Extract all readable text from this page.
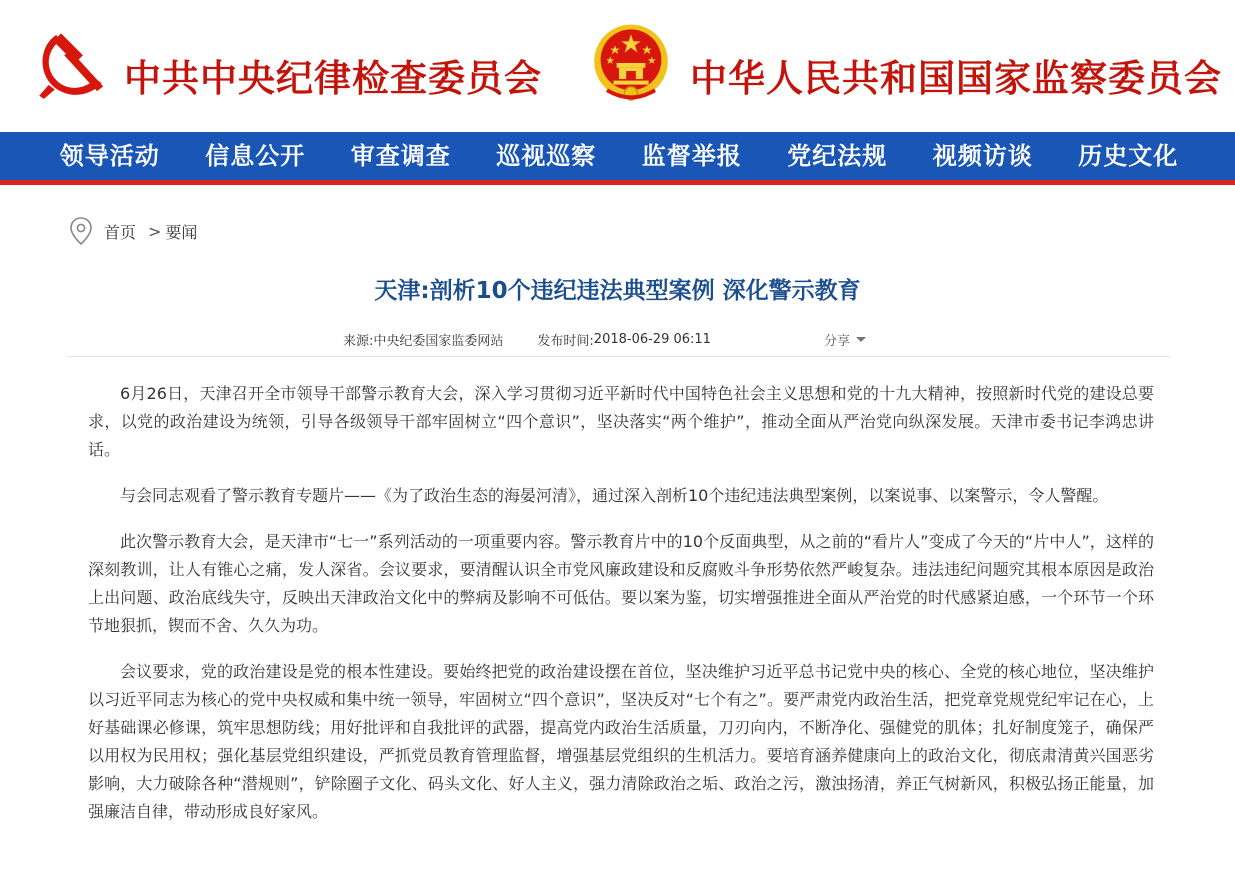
中共中央纪律检查委员会	中华人民共和国国家监察委员会
领导活动	信息公开	审查调查	巡视巡察	监督举报	党纪法规	视频访谈	历史文化
首页 > 要闻
天津:剖析10个违纪违法典型案例 深化警示教育
来源: 中央纪委国家监委网站	发布时间: 2018-06-29 06:11	分享

6月26日，天津召开全市领导干部警示教育大会，深入学习贯彻习近平新时代中国特色社会主义思想和党的十九大精神，按照新时代党的建设总要求，以党的政治建设为统领，引导各级领导干部牢固树立“四个意识”，坚决落实“两个维护”，推动全面从严治党向纵深发展。天津市委书记李鸿忠讲话。

与会同志观看了警示教育专题片——《为了政治生态的海晏河清》，通过深入剖析10个违纪违法典型案例，以案说事、以案警示，令人警醒。

此次警示教育大会，是天津市“七一”系列活动的一项重要内容。警示教育片中的10个反面典型，从之前的“看片人”变成了今天的“片中人”，这样的深刻教训，让人有锥心之痛，发人深省。会议要求，要清醒认识全市党风廉政建设和反腐败斗争形势依然严峻复杂。违法违纪问题究其根本原因是政治上出问题、政治底线失守，反映出天津政治文化中的弊病及影响不可低估。要以案为鉴，切实增强推进全面从严治党的时代感紧迫感，一个环节一个环节地狠抓，锲而不舍、久久为功。

会议要求，党的政治建设是党的根本性建设。要始终把党的政治建设摆在首位，坚决维护习近平总书记党中央的核心、全党的核心地位，坚决维护以习近平同志为核心的党中央权威和集中统一领导，牢固树立“四个意识”，坚决反对“七个有之”。要严肃党内政治生活，把党章党规党纪牢记在心，上好基础课必修课，筑牢思想防线；用好批评和自我批评的武器，提高党内政治生活质量，刀刃向内，不断净化、强健党的肌体；扎好制度笼子，确保严以用权为民用权；强化基层党组织建设，严抓党员教育管理监督，增强基层党组织的生机活力。要培育涵养健康向上的政治文化，彻底肃清黄兴国恶劣影响，大力破除各种“潜规则”，铲除圈子文化、码头文化、好人主义，强力清除政治之垢、政治之污，激浊扬清，养正气树新风，积极弘扬正能量，加强廉洁自律，带动形成良好家风。
